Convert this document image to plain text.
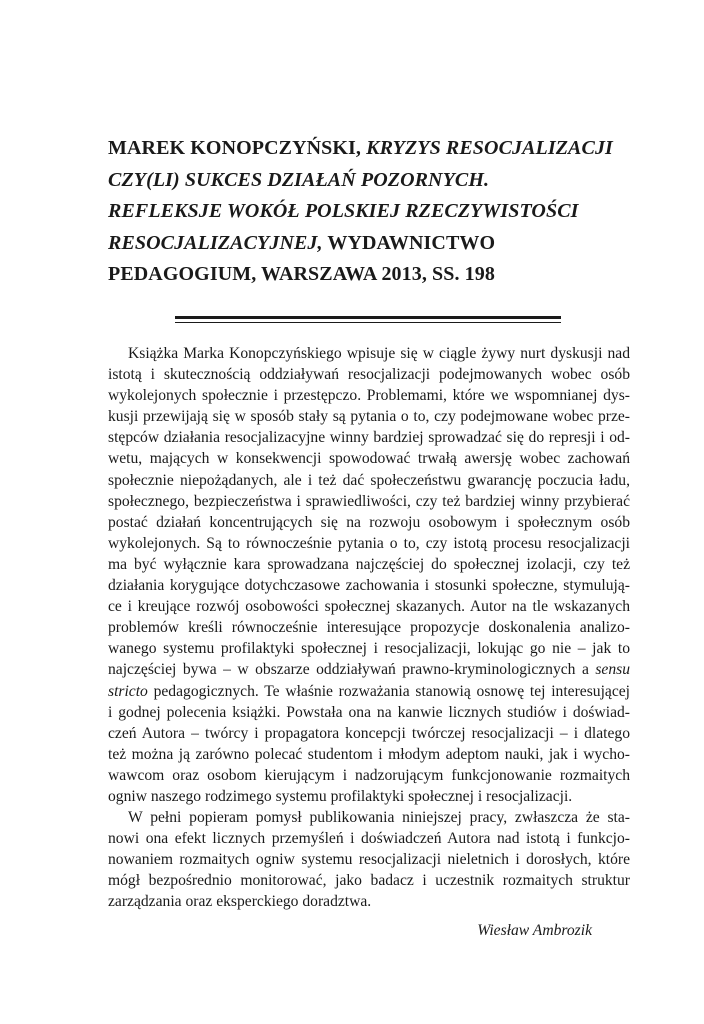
MAREK KONOPCZYŃSKI, KRYZYS RESOCJALIZACJI
CZY(LI) SUKCES DZIAŁAŃ POZORNYCH.
REFLEKSJE WOKÓŁ POLSKIEJ RZECZYWISTOŚCI
RESOCJALIZACYJNEJ, WYDAWNICTWO
PEDAGOGIUM, WARSZAWA 2013, SS. 198
Książka Marka Konopczyńskiego wpisuje się w ciągle żywy nurt dyskusji nad
istotą i skutecznością oddziaływań resocjalizacji podejmowanych wobec osób
wykolejonych społecznie i przestępczo. Problemami, które we wspomnianej dys-
kusji przewijają się w sposób stały są pytania o to, czy podejmowane wobec prze-
stępców działania resocjalizacyjne winny bardziej sprowadzać się do represji i od-
wetu, mających w konsekwencji spowodować trwałą awersję wobec zachowań
społecznie niepożądanych, ale i też dać społeczeństwu gwarancję poczucia ładu,
społecznego, bezpieczeństwa i sprawiedliwości, czy też bardziej winny przybierać
postać działań koncentrujących się na rozwoju osobowym i społecznym osób
wykolejonych. Są to równocześnie pytania o to, czy istotą procesu resocjalizacji
ma być wyłącznie kara sprowadzana najczęściej do społecznej izolacji, czy też
działania korygujące dotychczasowe zachowania i stosunki społeczne, stymulują-
ce i kreujące rozwój osobowości społecznej skazanych. Autor na tle wskazanych
problemów kreśli równocześnie interesujące propozycje doskonalenia analizo-
wanego systemu profilaktyki społecznej i resocjalizacji, lokując go nie – jak to
najczęściej bywa – w obszarze oddziaływań prawno-kryminologicznych a sensu
stricto pedagogicznych. Te właśnie rozważania stanowią osnowę tej interesującej
i godnej polecenia książki. Powstała ona na kanwie licznych studiów i doświad-
czeń Autora – twórcy i propagatora koncepcji twórczej resocjalizacji – i dlatego
też można ją zarówno polecać studentom i młodym adeptom nauki, jak i wycho-
wawcom oraz osobom kierującym i nadzorującym funkcjonowanie rozmaitych
ogniw naszego rodzimego systemu profilaktyki społecznej i resocjalizacji.
W pełni popieram pomysł publikowania niniejszej pracy, zwłaszcza że sta-
nowi ona efekt licznych przemyśleń i doświadczeń Autora nad istotą i funkcjo-
nowaniem rozmaitych ogniw systemu resocjalizacji nieletnich i dorosłych, które
mógł bezpośrednio monitorować, jako badacz i uczestnik rozmaitych struktur
zarządzania oraz eksperckiego doradztwa.
Wiesław Ambrozik
